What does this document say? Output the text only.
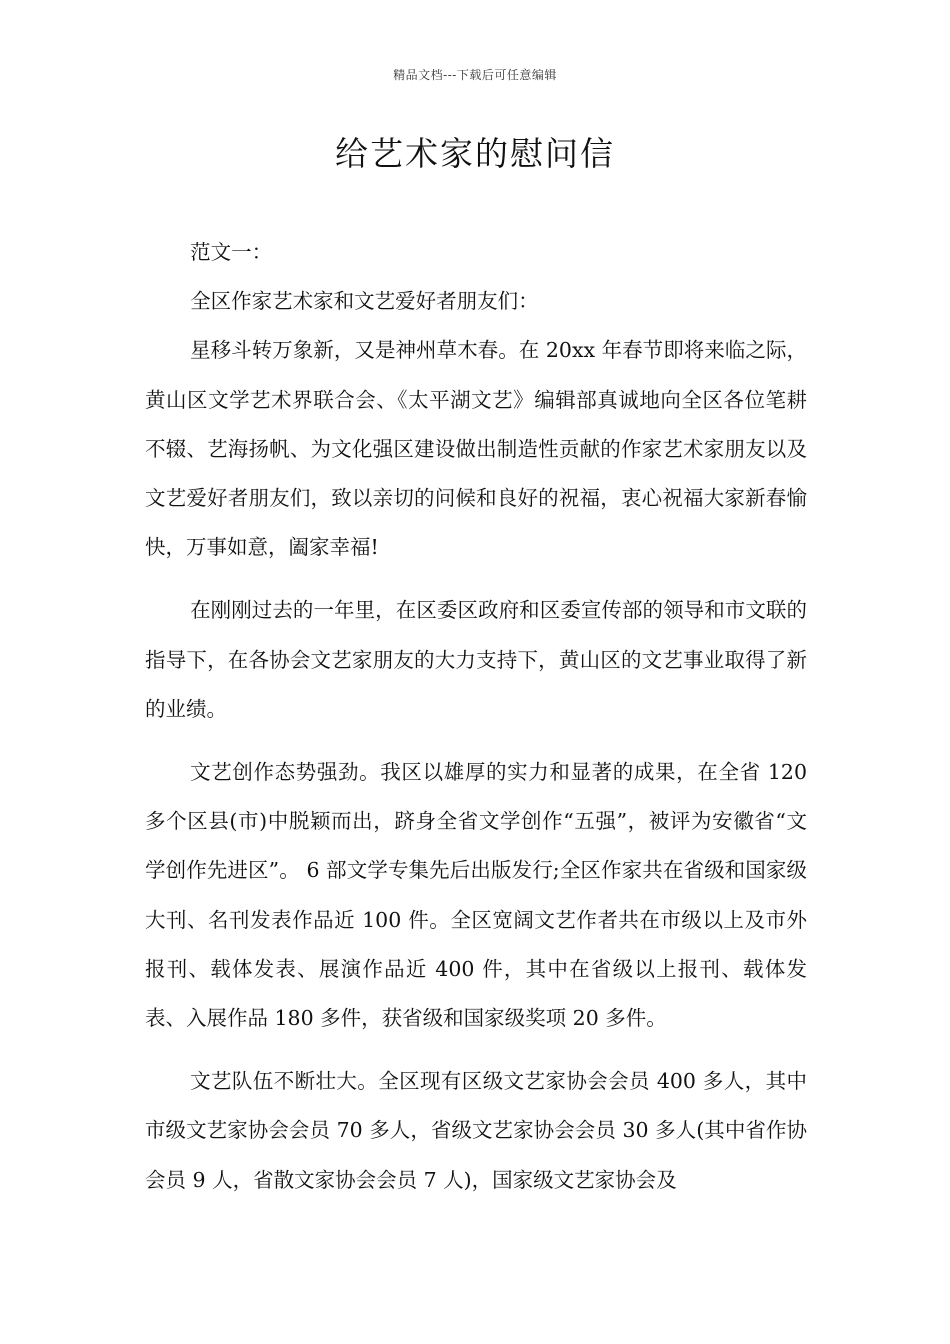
精品文档---下载后可任意编辑
给艺术家的慰问信

范文一：

全区作家艺术家和文艺爱好者朋友们：

星移斗转万象新，又是神州草木春。在 20xx 年春节即将来临之际，黄山区文学艺术界联合会、《太平湖文艺》编辑部真诚地向全区各位笔耕不辍、艺海扬帆、为文化强区建设做出制造性贡献的作家艺术家朋友以及文艺爱好者朋友们，致以亲切的问候和良好的祝福，衷心祝福大家新春愉快，万事如意，阖家幸福!

在刚刚过去的一年里，在区委区政府和区委宣传部的领导和市文联的指导下，在各协会文艺家朋友的大力支持下，黄山区的文艺事业取得了新的业绩。

文艺创作态势强劲。我区以雄厚的实力和显著的成果，在全省 120 多个区县(市)中脱颖而出，跻身全省文学创作“五强”，被评为安徽省“文学创作先进区”。 6 部文学专集先后出版发行;全区作家共在省级和国家级大刊、名刊发表作品近 100 件。全区宽阔文艺作者共在市级以上及市外报刊、载体发表、展演作品近 400 件，其中在省级以上报刊、载体发表、入展作品 180 多件，获省级和国家级奖项 20 多件。

文艺队伍不断壮大。全区现有区级文艺家协会会员 400 多人，其中市级文艺家协会会员 70 多人，省级文艺家协会会员 30 多人(其中省作协会员 9 人，省散文家协会会员 7 人)，国家级文艺家协会及
